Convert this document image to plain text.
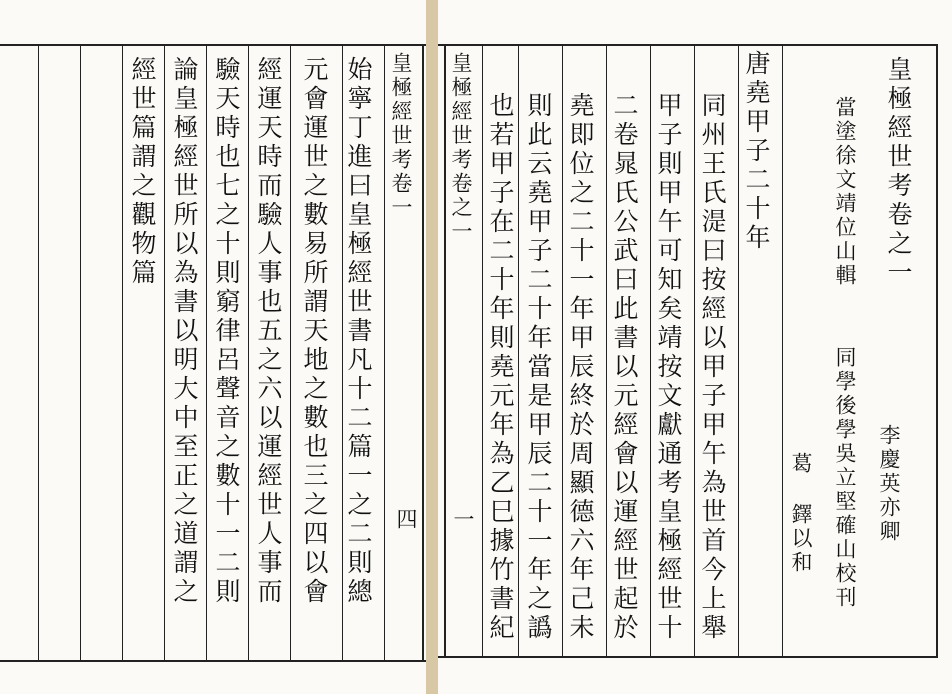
皇極經世考卷一
四
始寧丁進曰皇極經世書凡十二篇一之二則總
元會運世之數易所謂天地之數也三之四以會
經運天時而驗人事也五之六以運經世人事而
驗天時也七之十則窮律呂聲音之數十一二則
論皇極經世所以為書以明大中至正之道謂之
經世篇謂之觀物篇	皇極經世考卷之一
當塗徐文靖位山輯
李慶英亦卿
同學後學吳立堅確山校刊
葛 鐸以和
唐堯甲子二十年
皇極經世考卷之一
一	同州王氏湜曰按經以甲子甲午為世首今上舉
甲子則甲午可知矣靖按文獻通考皇極經世十
二卷晁氏公武曰此書以元經會以運經世起於
堯即位之二十一年甲辰終於周顯德六年己未
則此云堯甲子二十年當是甲辰二十一年之譌
也若甲子在二十年則堯元年為乙巳據竹書紀
